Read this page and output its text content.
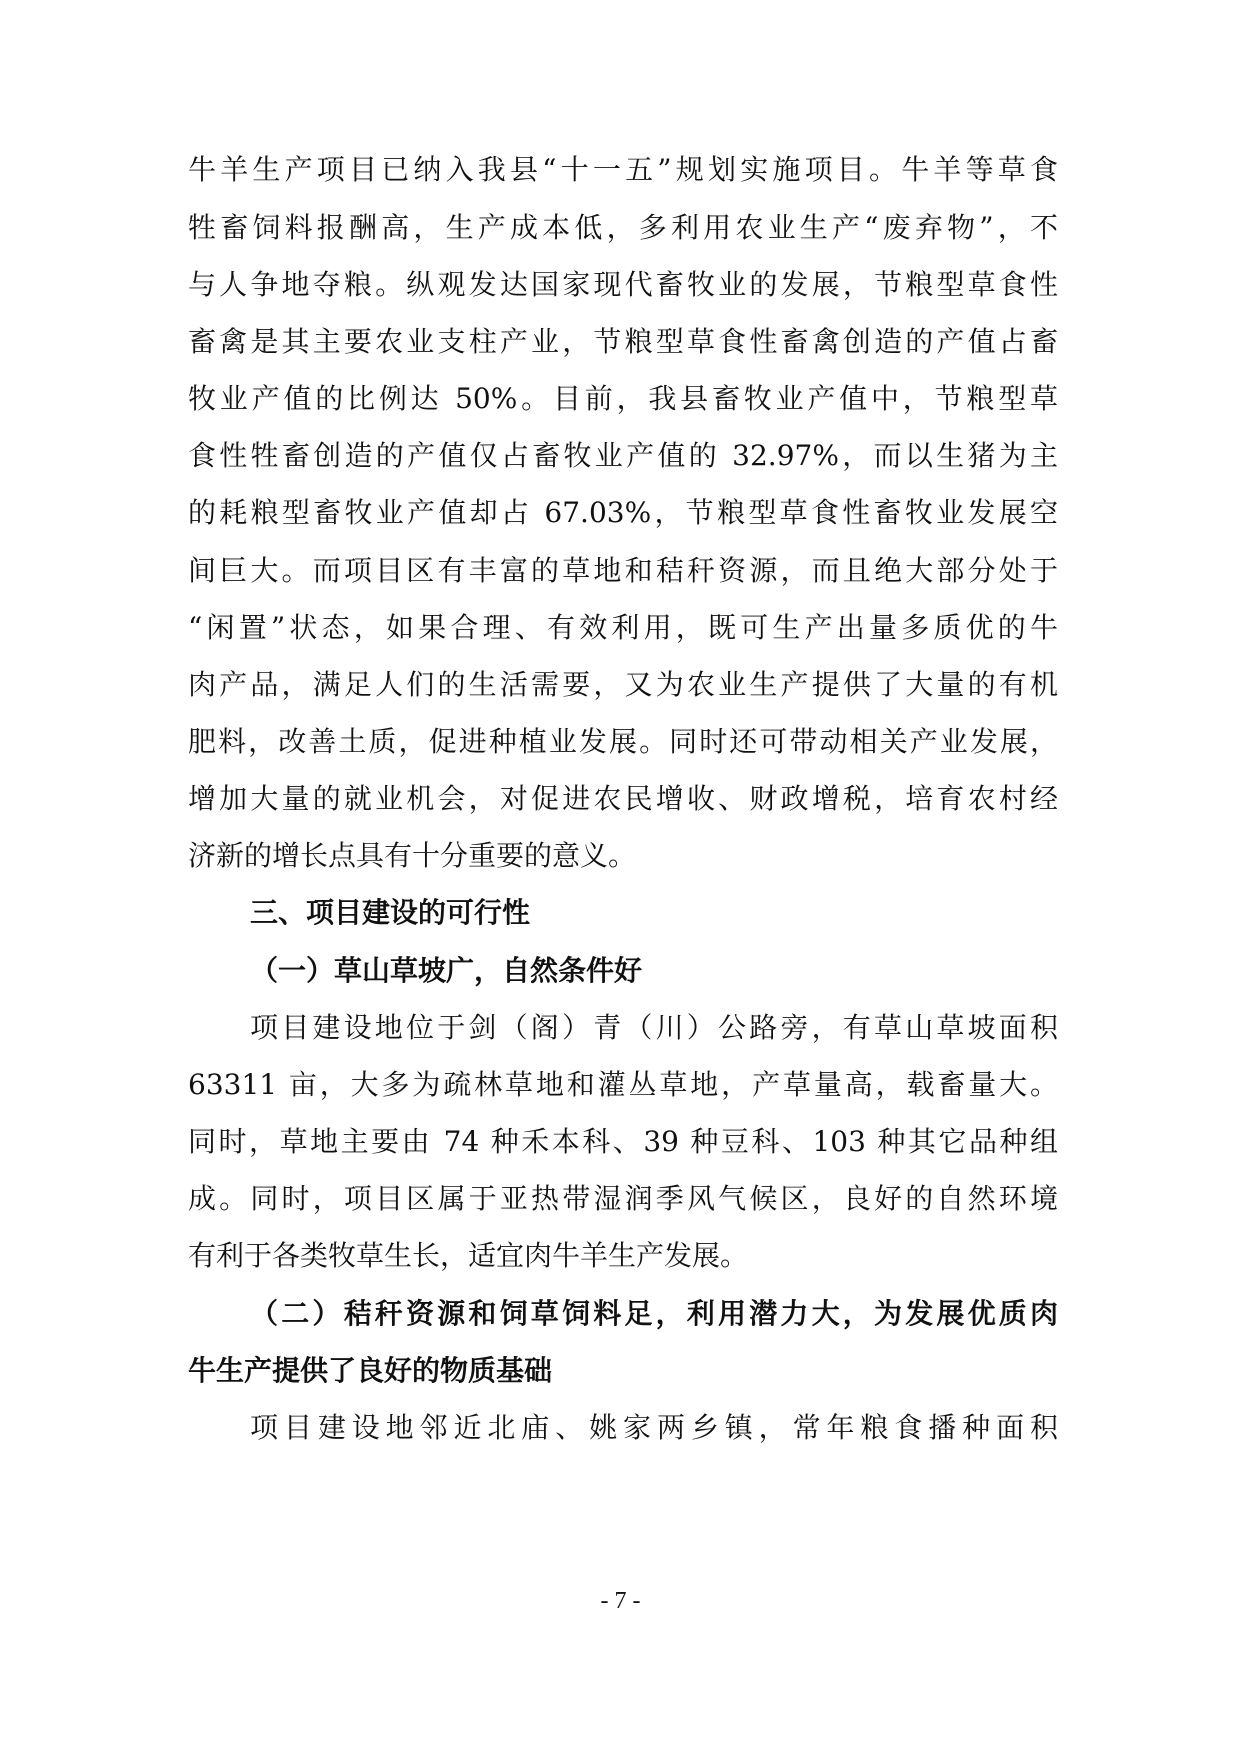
牛羊生产项目已纳入我县“十一五”规划实施项目。牛羊等草食
牲畜饲料报酬高，生产成本低，多利用农业生产“废弃物”，不
与人争地夺粮。纵观发达国家现代畜牧业的发展，节粮型草食性
畜禽是其主要农业支柱产业，节粮型草食性畜禽创造的产值占畜
牧业产值的比例达 50%。目前，我县畜牧业产值中，节粮型草
食性牲畜创造的产值仅占畜牧业产值的 32.97%，而以生猪为主
的耗粮型畜牧业产值却占 67.03%，节粮型草食性畜牧业发展空
间巨大。而项目区有丰富的草地和秸秆资源，而且绝大部分处于
“闲置”状态，如果合理、有效利用，既可生产出量多质优的牛
肉产品，满足人们的生活需要，又为农业生产提供了大量的有机
肥料，改善土质，促进种植业发展。同时还可带动相关产业发展，
增加大量的就业机会，对促进农民增收、财政增税，培育农村经
济新的增长点具有十分重要的意义。
三、项目建设的可行性
（一）草山草坡广，自然条件好
项目建设地位于剑（阁）青（川）公路旁，有草山草坡面积
63311 亩，大多为疏林草地和灌丛草地，产草量高，载畜量大。
同时，草地主要由 74 种禾本科、39 种豆科、103 种其它品种组
成。同时，项目区属于亚热带湿润季风气候区，良好的自然环境
有利于各类牧草生长，适宜肉牛羊生产发展。
（二）秸秆资源和饲草饲料足，利用潜力大，为发展优质肉
牛生产提供了良好的物质基础
项目建设地邻近北庙、姚家两乡镇，常年粮食播种面积
- 7 -
